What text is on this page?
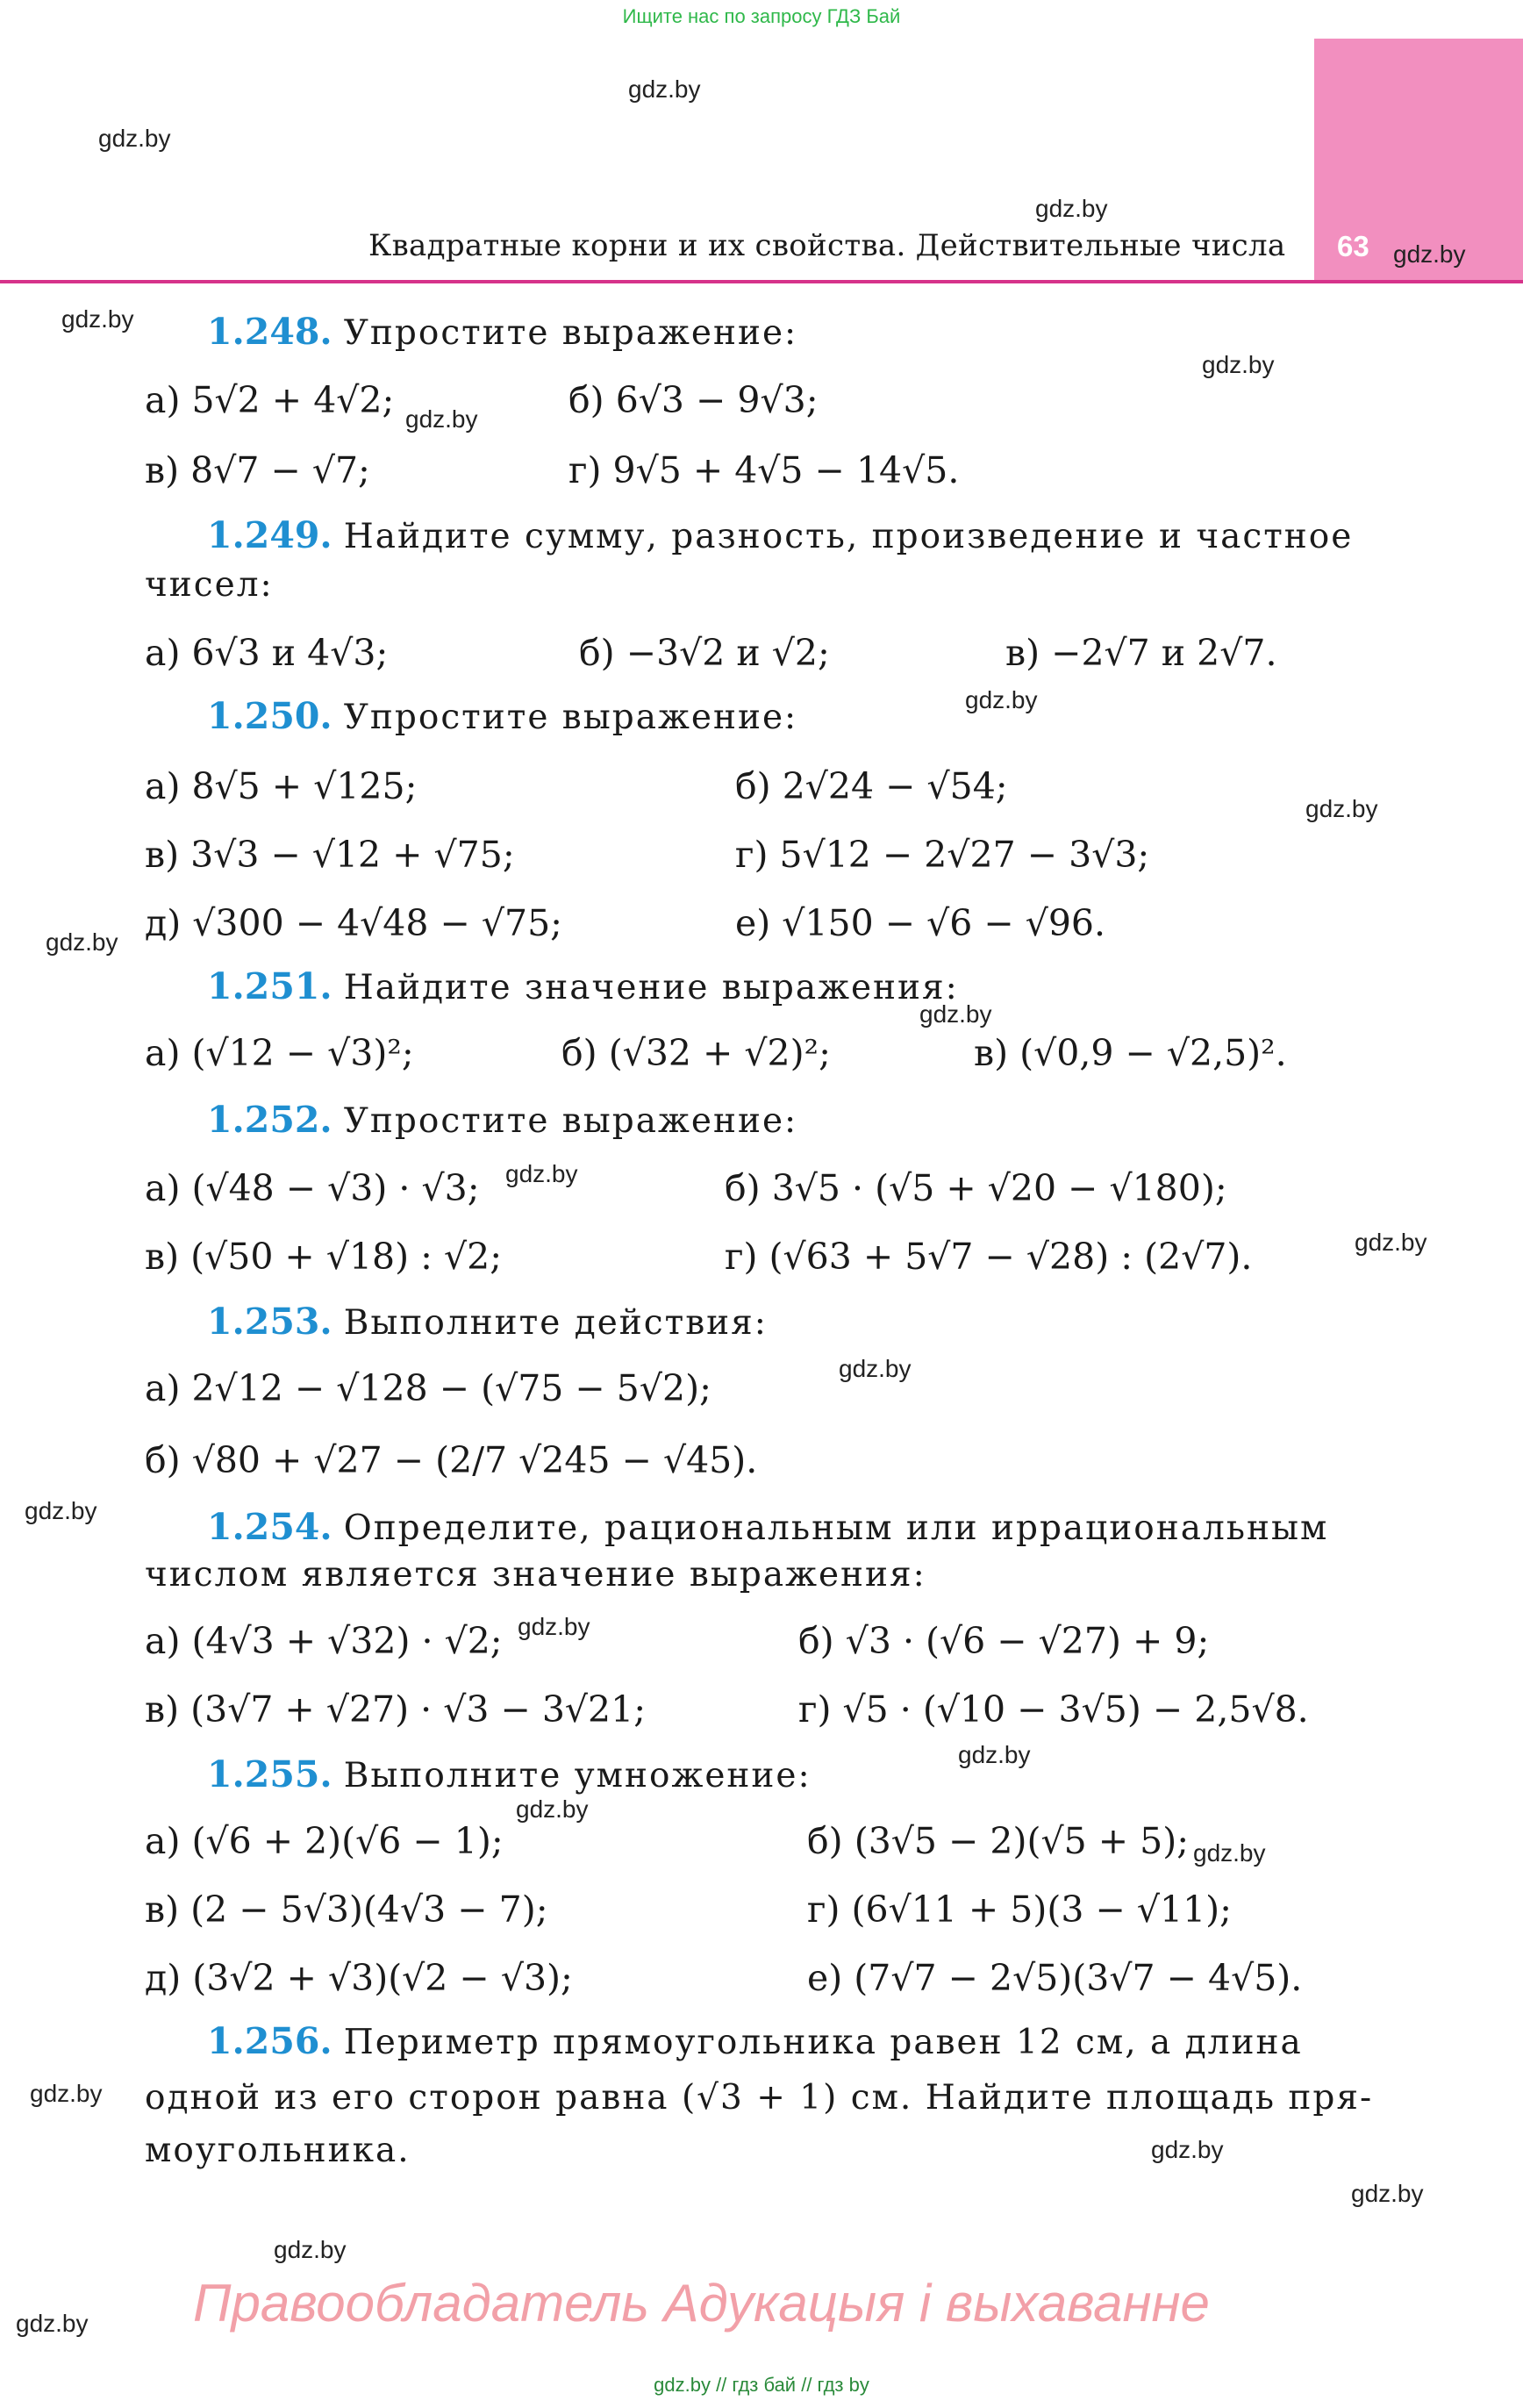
Ищите нас по запросу ГДЗ Бай
63
Квадратные корни и их свойства. Действительные числа
1.248. Упростите выражение:
а) 5√2 + 4√2;	б) 6√3 − 9√3;
в) 8√7 − √7;	г) 9√5 + 4√5 − 14√5.
1.249. Найдите сумму, разность, произведение и частное
чисел:
а) 6√3 и 4√3;	б) −3√2 и √2;	в) −2√7 и 2√7.
1.250. Упростите выражение:
а) 8√5 + √125;	б) 2√24 − √54;
в) 3√3 − √12 + √75;	г) 5√12 − 2√27 − 3√3;
д) √300 − 4√48 − √75;	е) √150 − √6 − √96.
1.251. Найдите значение выражения:
а) (√12 − √3)²;	б) (√32 + √2)²;	в) (√0,9 − √2,5)².
1.252. Упростите выражение:
а) (√48 − √3) · √3;	б) 3√5 · (√5 + √20 − √180);
в) (√50 + √18) : √2;	г) (√63 + 5√7 − √28) : (2√7).
1.253. Выполните действия:
а) 2√12 − √128 − (√75 − 5√2);
б) √80 + √27 − (2/7 √245 − √45).
1.254. Определите, рациональным или иррациональным
числом является значение выражения:
а) (4√3 + √32) · √2;	б) √3 · (√6 − √27) + 9;
в) (3√7 + √27) · √3 − 3√21;	г) √5 · (√10 − 3√5) − 2,5√8.
1.255. Выполните умножение:
а) (√6 + 2)(√6 − 1);	б) (3√5 − 2)(√5 + 5);
в) (2 − 5√3)(4√3 − 7);	г) (6√11 + 5)(3 − √11);
д) (3√2 + √3)(√2 − √3);	е) (7√7 − 2√5)(3√7 − 4√5).
1.256. Периметр прямоугольника равен 12 см, а длина
одной из его сторон равна (√3 + 1) см. Найдите площадь пря-
моугольника.
gdz.by
gdz.by
gdz.by
gdz.by
gdz.by
gdz.by
gdz.by
gdz.by
gdz.by
gdz.by
gdz.by
gdz.by
gdz.by
gdz.by
gdz.by
gdz.by
gdz.by
gdz.by
gdz.by
gdz.by
gdz.by
gdz.by
gdz.by
gdz.by Правообладатель Адукацыя і выхаванне
gdz.by // гдз бай // гдз by
